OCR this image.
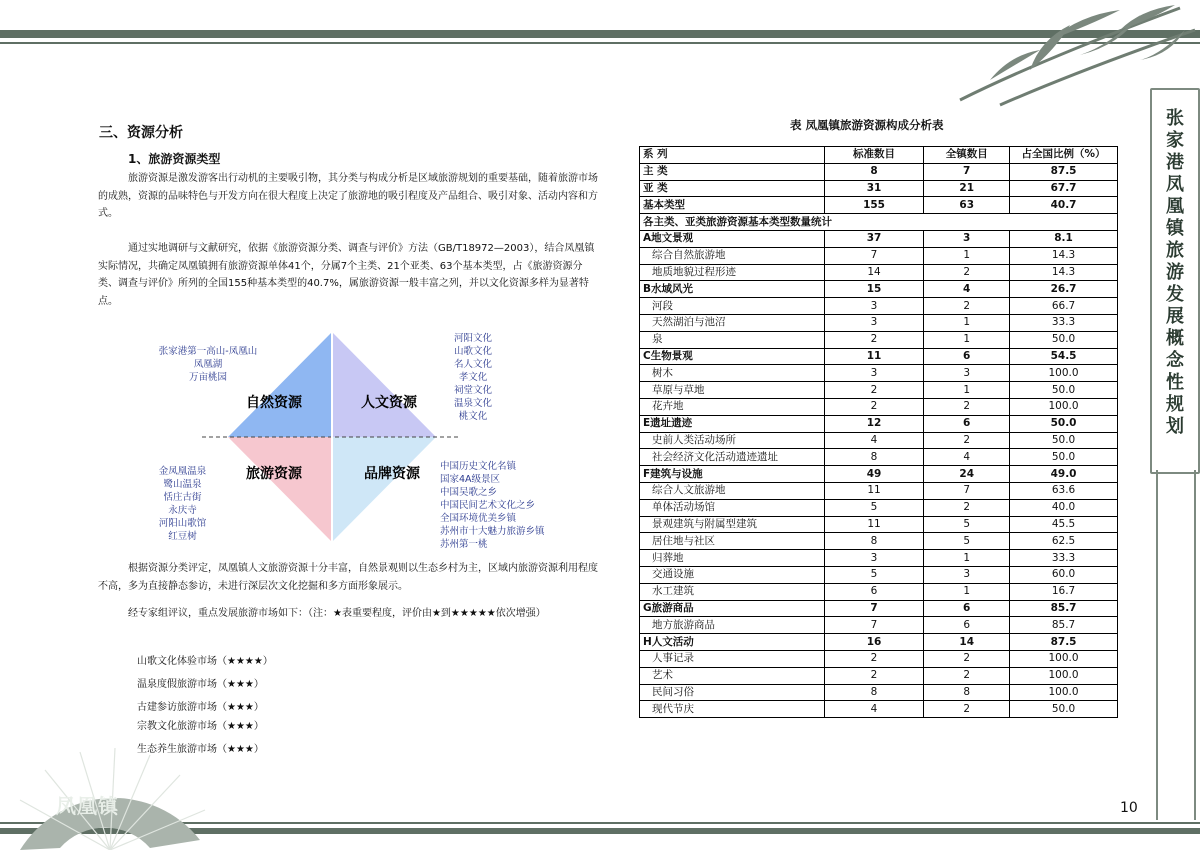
张
家
港
凤
凰
镇
旅
游
发
展
概
念
性
规
划
凤凰镇
三、资源分析
1、旅游资源类型

旅游资源是激发游客出行动机的主要吸引物，其分类与构成分析是区域旅游规划的重要基础，随着旅游市场的成熟，资源的品味特色与开发方向在很大程度上决定了旅游地的吸引程度及产品组合、吸引对象、活动内容和方式。

通过实地调研与文献研究，依据《旅游资源分类、调查与评价》方法（GB/T18972—2003），结合凤凰镇实际情况，共确定凤凰镇拥有旅游资源单体41个，分属7个主类、21个亚类、63个基本类型，占《旅游资源分类、调查与评价》所列的全国155种基本类型的40.7%，属旅游资源一般丰富之列，并以文化资源多样为显著特点。

自然资源	人文资源
旅游资源	品牌资源
张家港第一高山-凤凰山
凤凰湖
万亩桃园
河阳文化
山歌文化
名人文化
孝文化
祠堂文化
温泉文化
桃文化
金凤凰温泉
鹭山温泉
恬庄古街
永庆寺
河阳山歌馆
红豆树
中国历史文化名镇
国家4A级景区
中国吴歌之乡
中国民间艺术文化之乡
全国环境优美乡镇
苏州市十大魅力旅游乡镇
苏州第一桃

根据资源分类评定，凤凰镇人文旅游资源十分丰富，自然景观则以生态乡村为主，区域内旅游资源利用程度不高，多为直接静态参访，未进行深层次文化挖掘和多方面形象展示。

经专家组评议，重点发展旅游市场如下：（注：★表重要程度，评价由★到★★★★★依次增强）

山歌文化体验市场（★★★★）
温泉度假旅游市场（★★★）
古建参访旅游市场（★★★）
宗教文化旅游市场（★★★）
生态养生旅游市场（★★★）
表 凤凰镇旅游资源构成分析表
系 列	标准数目	全镇数目	占全国比例（%）
主 类	8	7	87.5
亚 类	31	21	67.7
基本类型	155	63	40.7
各主类、亚类旅游资源基本类型数量统计			
A地文景观	37	3	8.1
综合自然旅游地	7	1	14.3
地质地貌过程形迹	14	2	14.3
B水域风光	15	4	26.7
河段	3	2	66.7
天然湖泊与池沼	3	1	33.3
泉	2	1	50.0
C生物景观	11	6	54.5
树木	3	3	100.0
草原与草地	2	1	50.0
花卉地	2	2	100.0
E遗址遗迹	12	6	50.0
史前人类活动场所	4	2	50.0
社会经济文化活动遗迹遗址	8	4	50.0
F建筑与设施	49	24	49.0
综合人文旅游地	11	7	63.6
单体活动场馆	5	2	40.0
景观建筑与附属型建筑	11	5	45.5
居住地与社区	8	5	62.5
归葬地	3	1	33.3
交通设施	5	3	60.0
水工建筑	6	1	16.7
G旅游商品	7	6	85.7
地方旅游商品	7	6	85.7
H人文活动	16	14	87.5
人事记录	2	2	100.0
艺术	2	2	100.0
民间习俗	8	8	100.0
现代节庆	4	2	50.0
10
